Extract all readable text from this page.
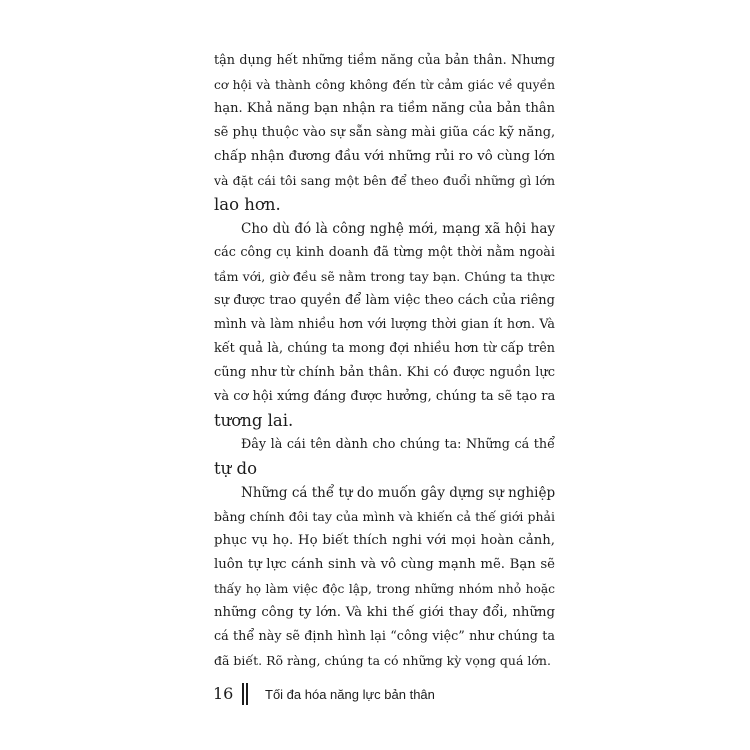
tận dụng hết những tiềm năng của bản thân. Nhưng
cơ hội và thành công không đến từ cảm giác về quyền
hạn. Khả năng bạn nhận ra tiềm năng của bản thân
sẽ phụ thuộc vào sự sẵn sàng mài giũa các kỹ năng,
chấp nhận đương đầu với những rủi ro vô cùng lớn
và đặt cái tôi sang một bên để theo đuổi những gì lớn
lao hơn.
Cho dù đó là công nghệ mới, mạng xã hội hay
các công cụ kinh doanh đã từng một thời nằm ngoài
tầm với, giờ đều sẽ nằm trong tay bạn. Chúng ta thực
sự được trao quyền để làm việc theo cách của riêng
mình và làm nhiều hơn với lượng thời gian ít hơn. Và
kết quả là, chúng ta mong đợi nhiều hơn từ cấp trên
cũng như từ chính bản thân. Khi có được nguồn lực
và cơ hội xứng đáng được hưởng, chúng ta sẽ tạo ra
tương lai.
Đây là cái tên dành cho chúng ta: Những cá thể
tự do
Những cá thể tự do muốn gây dựng sự nghiệp
bằng chính đôi tay của mình và khiến cả thế giới phải
phục vụ họ. Họ biết thích nghi với mọi hoàn cảnh,
luôn tự lực cánh sinh và vô cùng mạnh mẽ. Bạn sẽ
thấy họ làm việc độc lập, trong những nhóm nhỏ hoặc
những công ty lớn. Và khi thế giới thay đổi, những
cá thể này sẽ định hình lại “công việc” như chúng ta
đã biết. Rõ ràng, chúng ta có những kỳ vọng quá lớn.
16 Tối đa hóa năng lực bản thân
